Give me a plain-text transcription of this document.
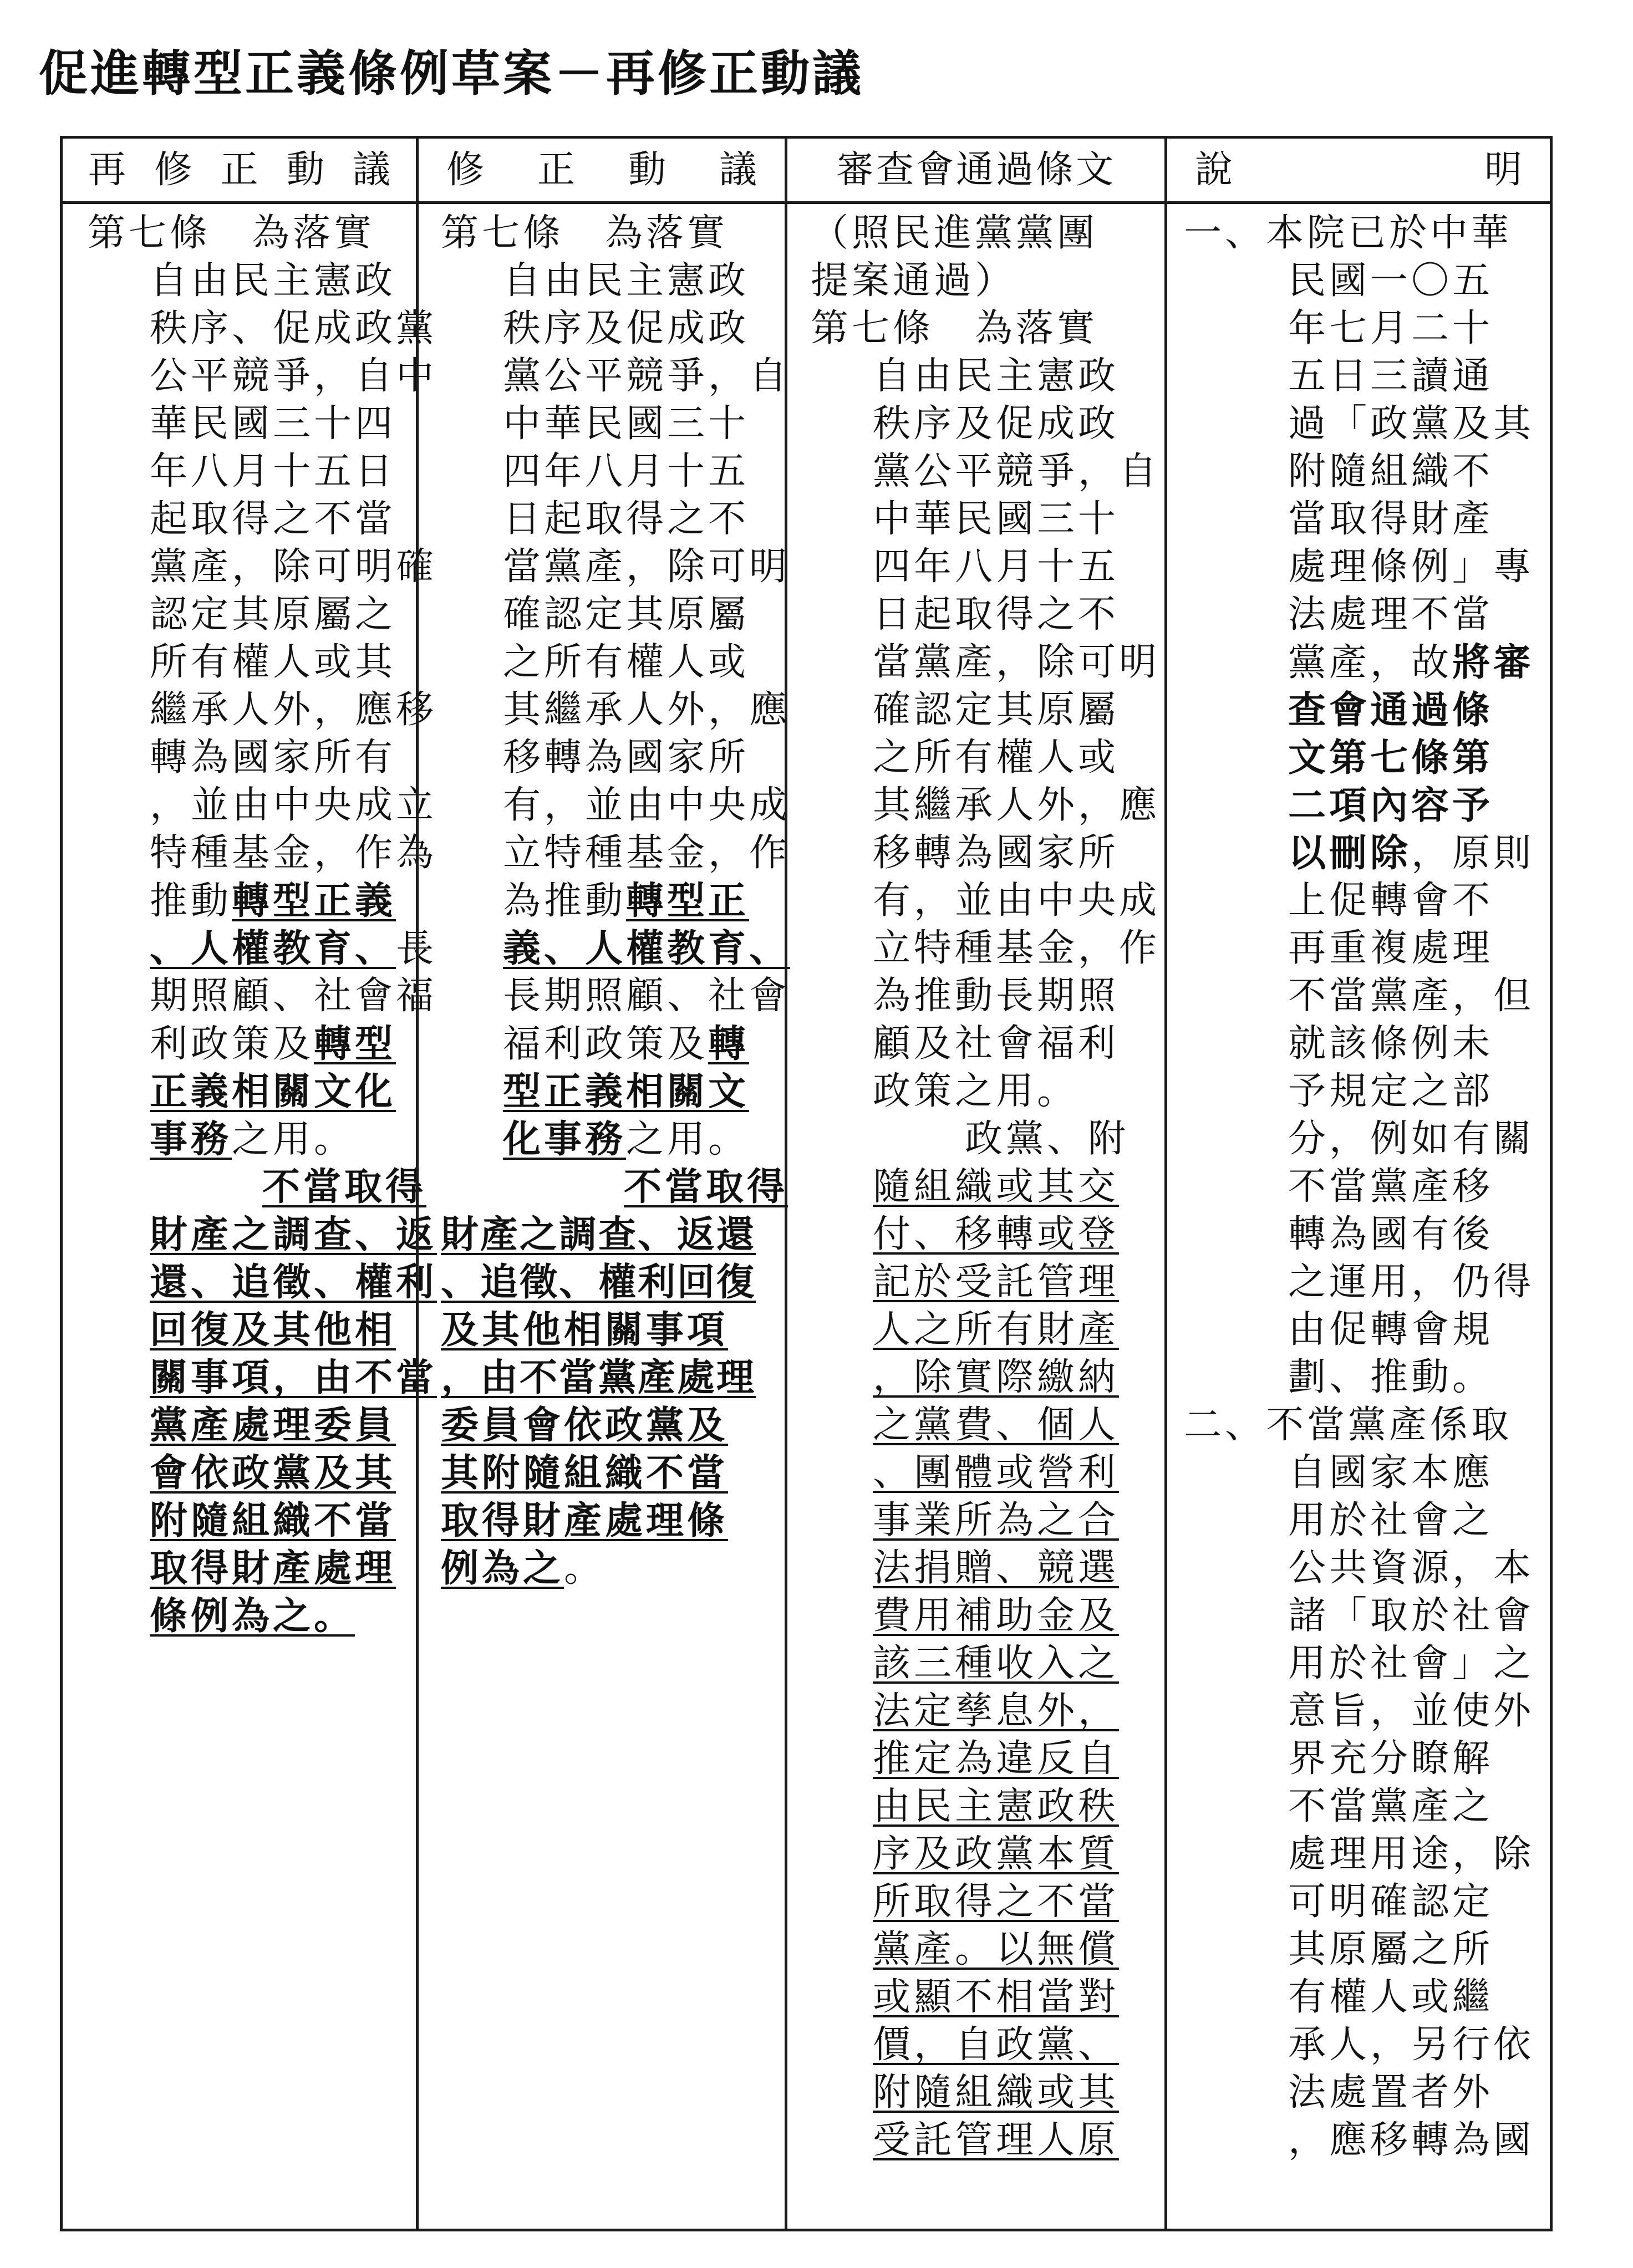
促進轉型正義條例草案－再修正動議
再 修 正 動 議
第七條　為落實
自由民主憲政
秩序、促成政黨
公平競爭，自中
華民國三十四
年八月十五日
起取得之不當
黨產，除可明確
認定其原屬之
所有權人或其
繼承人外，應移
轉為國家所有
，並由中央成立
特種基金，作為
推動轉型正義
、人權教育、長
期照顧、社會福
利政策及轉型
正義相關文化
事務之用。
不當取得
財產之調查、返
還、追徵、權利
回復及其他相
關事項，由不當
黨產處理委員
會依政黨及其
附隨組織不當
取得財產處理
條例為之。
修 正 動 議
第七條　為落實
自由民主憲政
秩序及促成政
黨公平競爭，自
中華民國三十
四年八月十五
日起取得之不
當黨產，除可明
確認定其原屬
之所有權人或
其繼承人外，應
移轉為國家所
有，並由中央成
立特種基金，作
為推動轉型正
義、人權教育、
長期照顧、社會
福利政策及轉
型正義相關文
化事務之用。
不當取得
財產之調查、返還
、追徵、權利回復
及其他相關事項
，由不當黨產處理
委員會依政黨及
其附隨組織不當
取得財產處理條
例為之。
審查會通過條文
（照民進黨黨團
提案通過）
第七條　為落實
自由民主憲政
秩序及促成政
黨公平競爭，自
中華民國三十
四年八月十五
日起取得之不
當黨產，除可明
確認定其原屬
之所有權人或
其繼承人外，應
移轉為國家所
有，並由中央成
立特種基金，作
為推動長期照
顧及社會福利
政策之用。
政黨、附
隨組織或其交
付、移轉或登
記於受託管理
人之所有財產
，除實際繳納
之黨費、個人
、團體或營利
事業所為之合
法捐贈、競選
費用補助金及
該三種收入之
法定孳息外，
推定為違反自
由民主憲政秩
序及政黨本質
所取得之不當
黨產。以無償
或顯不相當對
價，自政黨、
附隨組織或其
受託管理人原
說	明
一、本院已於中華
民國一〇五
年七月二十
五日三讀通
過「政黨及其
附隨組織不
當取得財產
處理條例」專
法處理不當
黨產，故將審
查會通過條
文第七條第
二項內容予
以刪除，原則
上促轉會不
再重複處理
不當黨產，但
就該條例未
予規定之部
分，例如有關
不當黨產移
轉為國有後
之運用，仍得
由促轉會規
劃、推動。
二、不當黨產係取
自國家本應
用於社會之
公共資源，本
諸「取於社會
用於社會」之
意旨，並使外
界充分瞭解
不當黨產之
處理用途，除
可明確認定
其原屬之所
有權人或繼
承人，另行依
法處置者外
，應移轉為國
